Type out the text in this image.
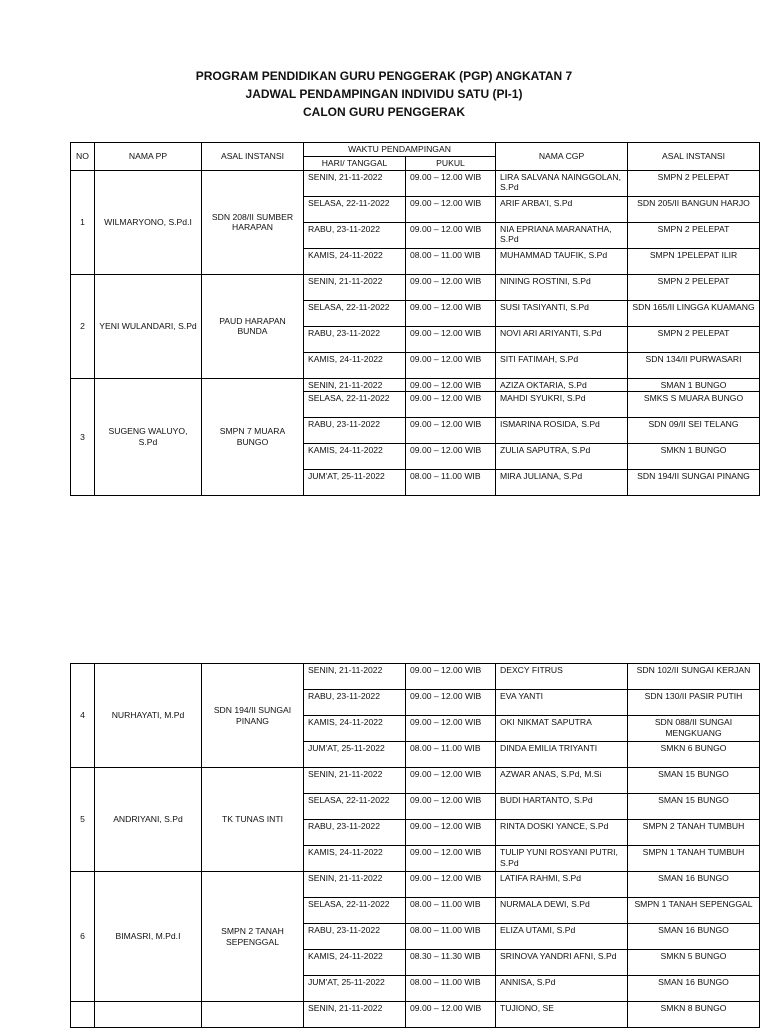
PROGRAM PENDIDIKAN GURU PENGGERAK (PGP) ANGKATAN 7
JADWAL PENDAMPINGAN INDIVIDU SATU (PI-1)
CALON GURU PENGGERAK
NO	NAMA PP	ASAL INSTANSI	WAKTU PENDAMPINGAN		NAMA CGP	ASAL INSTANSI
			HARI/ TANGGAL	PUKUL		
1	WILMARYONO, S.Pd.I	SDN 208/II SUMBER HARAPAN	SENIN, 21-11-2022	09.00 – 12.00 WIB	LIRA SALVANA NAINGGOLAN, S.Pd	SMPN 2 PELEPAT
			SELASA, 22-11-2022	09.00 – 12.00 WIB	ARIF ARBA'I, S.Pd	SDN 205/II BANGUN HARJO
			RABU, 23-11-2022	09.00 – 12.00 WIB	NIA EPRIANA MARANATHA, S.Pd	SMPN 2 PELEPAT
			KAMIS, 24-11-2022	08.00 – 11.00 WIB	MUHAMMAD TAUFIK, S.Pd	SMPN 1PELEPAT ILIR
2	YENI WULANDARI, S.Pd	PAUD HARAPAN BUNDA	SENIN, 21-11-2022	09.00 – 12.00 WIB	NINING ROSTINI, S.Pd	SMPN 2 PELEPAT
			SELASA, 22-11-2022	09.00 – 12.00 WIB	SUSI TASIYANTI, S.Pd	SDN 165/II LINGGA KUAMANG
			RABU, 23-11-2022	09.00 – 12.00 WIB	NOVI ARI ARIYANTI, S.Pd	SMPN 2 PELEPAT
			KAMIS, 24-11-2022	09.00 – 12.00 WIB	SITI FATIMAH, S.Pd	SDN 134/II PURWASARI
3	SUGENG WALUYO, S.Pd	SMPN 7 MUARA BUNGO	SENIN, 21-11-2022	09.00 – 12.00 WIB	AZIZA OKTARIA, S.Pd	SMAN 1 BUNGO
			SELASA, 22-11-2022	09.00 – 12.00 WIB	MAHDI SYUKRI, S.Pd	SMKS S MUARA BUNGO
			RABU, 23-11-2022	09.00 – 12.00 WIB	ISMARINA ROSIDA, S.Pd	SDN 09/II SEI TELANG
			KAMIS, 24-11-2022	09.00 – 12.00 WIB	ZULIA SAPUTRA, S.Pd	SMKN 1 BUNGO
			JUM'AT, 25-11-2022	08.00 – 11.00 WIB	MIRA JULIANA, S.Pd	SDN 194/II SUNGAI PINANG
4	NURHAYATI, M.Pd	SDN 194/II SUNGAI PINANG	SENIN, 21-11-2022	09.00 – 12.00 WIB	DEXCY FITRUS	SDN 102/II SUNGAI KERJAN
			RABU, 23-11-2022	09.00 – 12.00 WIB	EVA YANTI	SDN 130/II PASIR PUTIH
			KAMIS, 24-11-2022	09.00 – 12.00 WIB	OKI NIKMAT SAPUTRA	SDN 088/II SUNGAI MENGKUANG
			JUM'AT, 25-11-2022	08.00 – 11.00 WIB	DINDA EMILIA TRIYANTI	SMKN 6 BUNGO
5	ANDRIYANI, S.Pd	TK TUNAS INTI	SENIN, 21-11-2022	09.00 – 12.00 WIB	AZWAR ANAS, S.Pd, M.Si	SMAN 15 BUNGO
			SELASA, 22-11-2022	09.00 – 12.00 WIB	BUDI HARTANTO, S.Pd	SMAN 15 BUNGO
			RABU, 23-11-2022	09.00 – 12.00 WIB	RINTA DOSKI YANCE, S.Pd	SMPN 2 TANAH TUMBUH
			KAMIS, 24-11-2022	09.00 – 12.00 WIB	TULIP YUNI ROSYANI PUTRI, S.Pd	SMPN 1 TANAH TUMBUH
6	BIMASRI, M.Pd.I	SMPN 2 TANAH SEPENGGAL	SENIN, 21-11-2022	09.00 – 12.00 WIB	LATIFA RAHMI, S.Pd	SMAN 16 BUNGO
			SELASA, 22-11-2022	08.00 – 11.00 WIB	NURMALA DEWI, S.Pd	SMPN 1 TANAH SEPENGGAL
			RABU, 23-11-2022	08.00 – 11.00 WIB	ELIZA UTAMI, S.Pd	SMAN 16 BUNGO
			KAMIS, 24-11-2022	08.30 – 11.30 WIB	SRINOVA YANDRI AFNI, S.Pd	SMKN 5 BUNGO
			JUM'AT, 25-11-2022	08.00 – 11.00 WIB	ANNISA, S.Pd	SMAN 16 BUNGO
			SENIN, 21-11-2022	09.00 – 12.00 WIB	TUJIONO, SE	SMKN 8 BUNGO
